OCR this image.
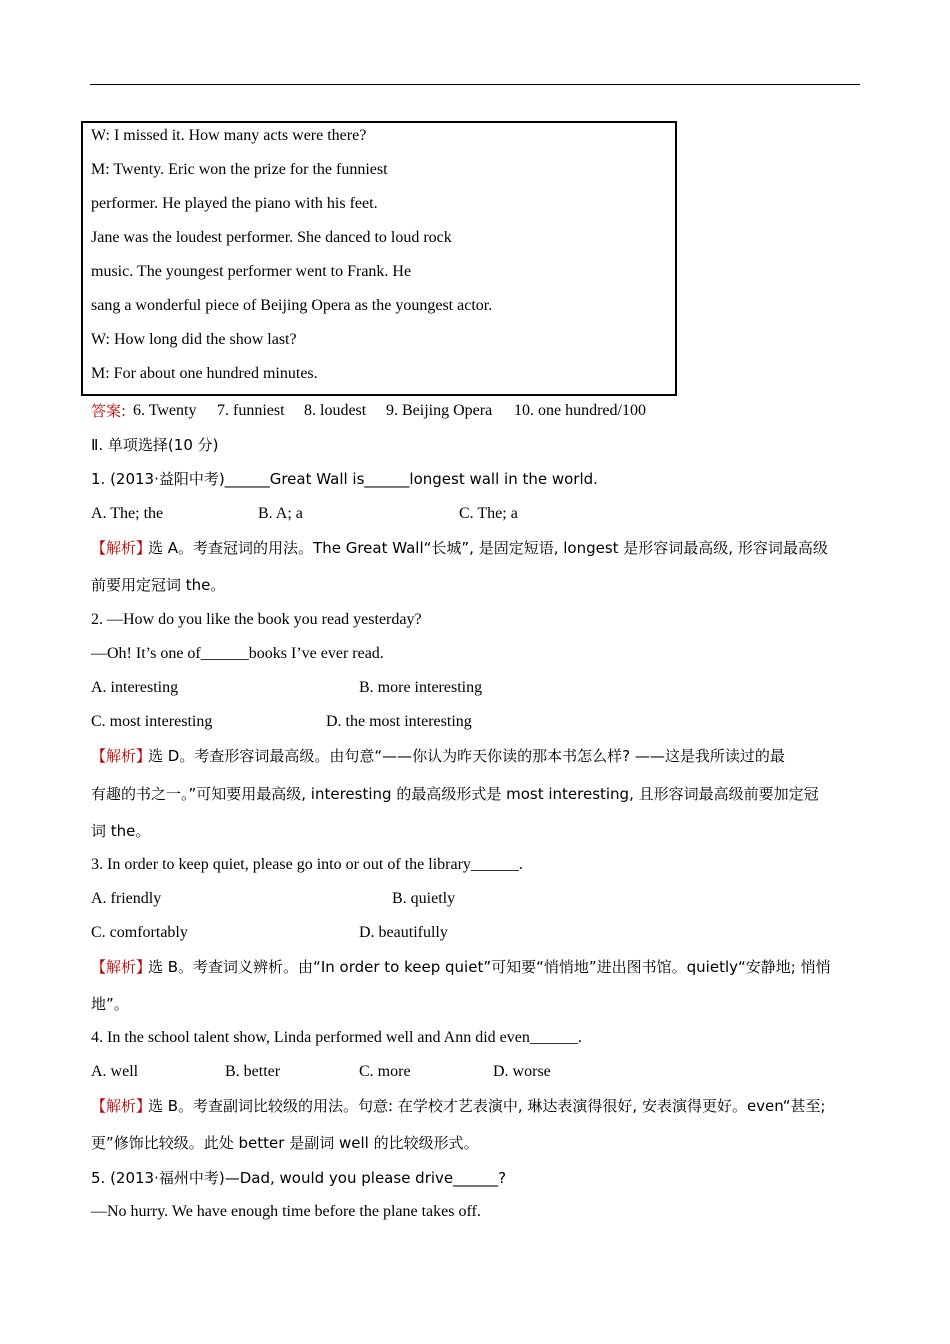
W: I missed it. How many acts were there?
M: Twenty. Eric won the prize for the funniest
performer. He played the piano with his feet.
Jane was the loudest performer. She danced to loud rock
music. The youngest performer went to Frank. He
sang a wonderful piece of Beijing Opera as the youngest actor.
W: How long did the show last?
M: For about one hundred minutes.
答案: 6. Twenty 7. funniest 8. loudest 9. Beijing Opera 10. one hundred/100
Ⅱ. 单项选择(10 分)
1. (2013·益阳中考)______Great Wall is______longest wall in the world.
A. The; the	B. A; a	C. The; a
【解析】
选 A。考查冠词的用法。The Great Wall“长城”, 是固定短语, longest 是形容词最高级, 形容词最高级
前要用定冠词 the。
2. —How do you like the book you read yesterday?
—Oh! It’s one of______books I’ve ever read.
A. interesting	B. more interesting
C. most interesting	D. the most interesting
【解析】
选 D。考查形容词最高级。由句意“——你认为昨天你读的那本书怎么样? ——这是我所读过的最
有趣的书之一。”可知要用最高级, interesting 的最高级形式是 most interesting, 且形容词最高级前要加定冠
词 the。
3. In order to keep quiet, please go into or out of the library______.
A. friendly	B. quietly
C. comfortably	D. beautifully
【解析】
选 B。考查词义辨析。由“In order to keep quiet”可知要“悄悄地”进出图书馆。quietly“安静地; 悄悄
地”。
4. In the school talent show, Linda performed well and Ann did even______.
A. well	B. better	C. more	D. worse
【解析】
选 B。考查副词比较级的用法。句意: 在学校才艺表演中, 琳达表演得很好, 安表演得更好。even“甚至;
更”修饰比较级。此处 better 是副词 well 的比较级形式。
5. (2013·福州中考)—Dad, would you please drive______?
—No hurry. We have enough time before the plane takes off.
